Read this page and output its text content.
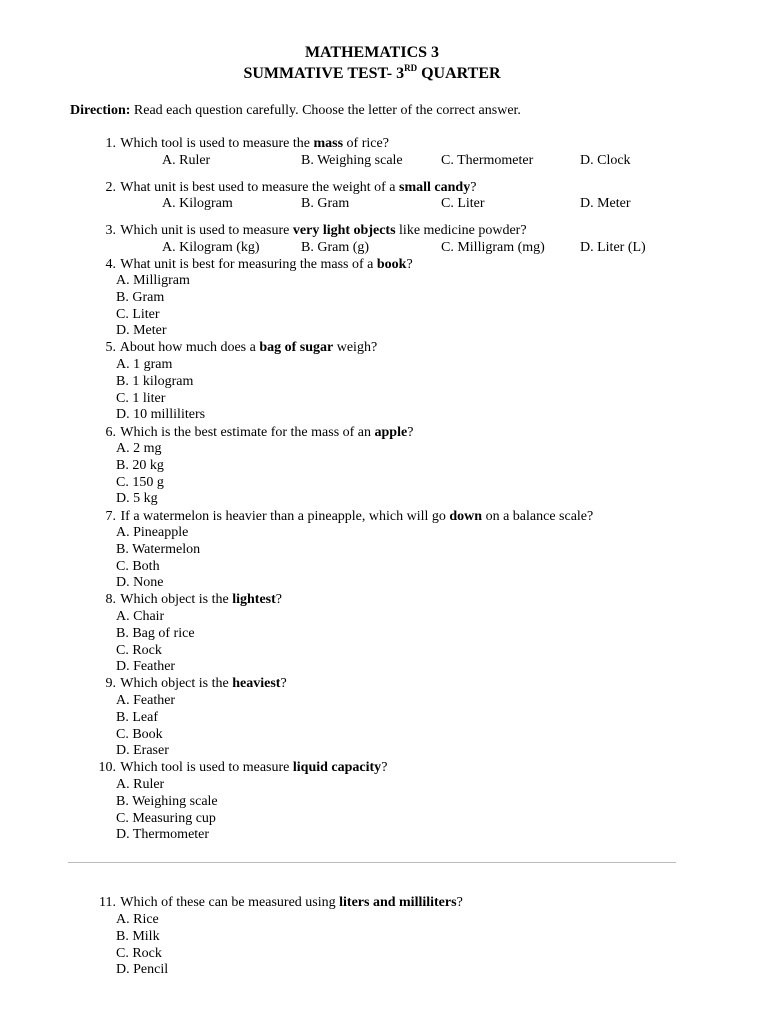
MATHEMATICS 3
SUMMATIVE TEST- 3RD QUARTER
Direction: Read each question carefully. Choose the letter of the correct answer.
1. Which tool is used to measure the mass of rice?
A. Ruler	B. Weighing scale	C. Thermometer	D. Clock
2. What unit is best used to measure the weight of a small candy?
A. Kilogram	B. Gram	C. Liter	D. Meter
3. Which unit is used to measure very light objects like medicine powder?
A. Kilogram (kg)	B. Gram (g)	C. Milligram (mg)	D. Liter (L)
4. What unit is best for measuring the mass of a book?
A. Milligram
B. Gram
C. Liter
D. Meter
5. About how much does a bag of sugar weigh?
A. 1 gram
B. 1 kilogram
C. 1 liter
D. 10 milliliters
6. Which is the best estimate for the mass of an apple?
A. 2 mg
B. 20 kg
C. 150 g
D. 5 kg
7. If a watermelon is heavier than a pineapple, which will go down on a balance scale?
A. Pineapple
B. Watermelon
C. Both
D. None
8. Which object is the lightest?
A. Chair
B. Bag of rice
C. Rock
D. Feather
9. Which object is the heaviest?
A. Feather
B. Leaf
C. Book
D. Eraser
10. Which tool is used to measure liquid capacity?
A. Ruler
B. Weighing scale
C. Measuring cup
D. Thermometer
11. Which of these can be measured using liters and milliliters?
A. Rice
B. Milk
C. Rock
D. Pencil
